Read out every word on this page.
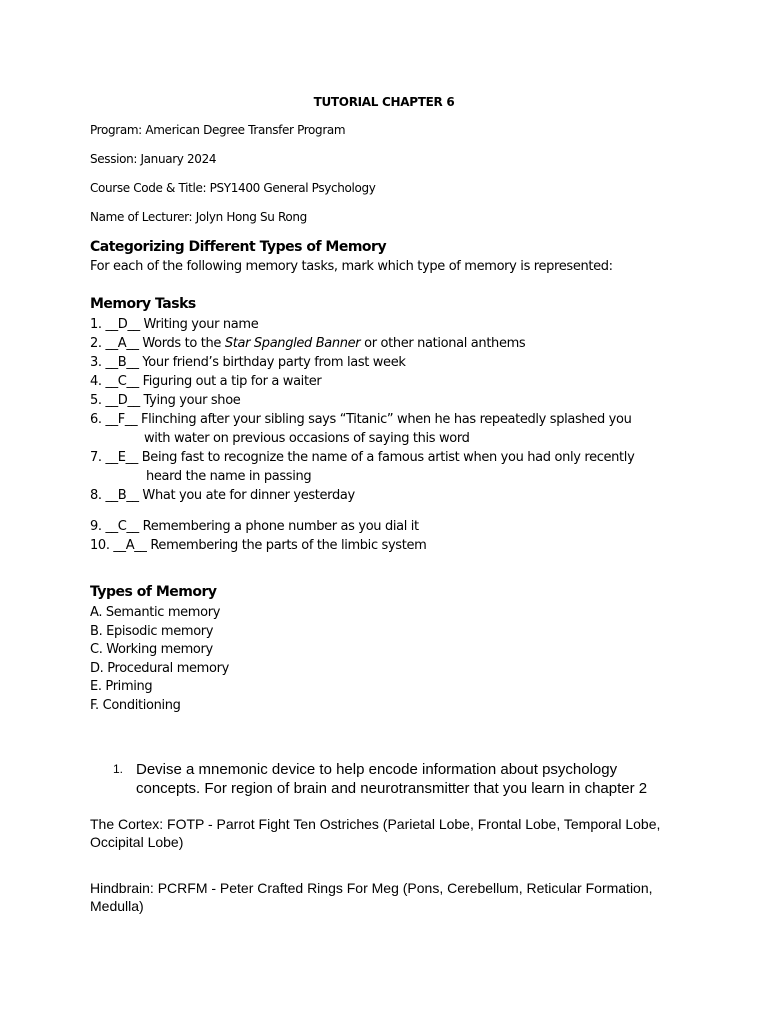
TUTORIAL CHAPTER 6
Program: American Degree Transfer Program
Session: January 2024
Course Code & Title: PSY1400 General Psychology
Name of Lecturer: Jolyn Hong Su Rong
Categorizing Different Types of Memory
For each of the following memory tasks, mark which type of memory is represented:
Memory Tasks
1. __D__ Writing your name
2. __A__ Words to the Star Spangled Banner or other national anthems
3. __B__ Your friend’s birthday party from last week
4. __C__ Figuring out a tip for a waiter
5. __D__ Tying your shoe
6. __F__ Flinching after your sibling says “Titanic” when he has repeatedly splashed you
with water on previous occasions of saying this word
7. __E__ Being fast to recognize the name of a famous artist when you had only recently
heard the name in passing
8. __B__ What you ate for dinner yesterday
9. __C__ Remembering a phone number as you dial it
10. __A__ Remembering the parts of the limbic system
Types of Memory
A. Semantic memory
B. Episodic memory
C. Working memory
D. Procedural memory
E. Priming
F. Conditioning
1. Devise a mnemonic device to help encode information about psychology
concepts. For region of brain and neurotransmitter that you learn in chapter 2
The Cortex: FOTP - Parrot Fight Ten Ostriches (Parietal Lobe, Frontal Lobe, Temporal Lobe,
Occipital Lobe)
Hindbrain: PCRFM - Peter Crafted Rings For Meg (Pons, Cerebellum, Reticular Formation,
Medulla)
